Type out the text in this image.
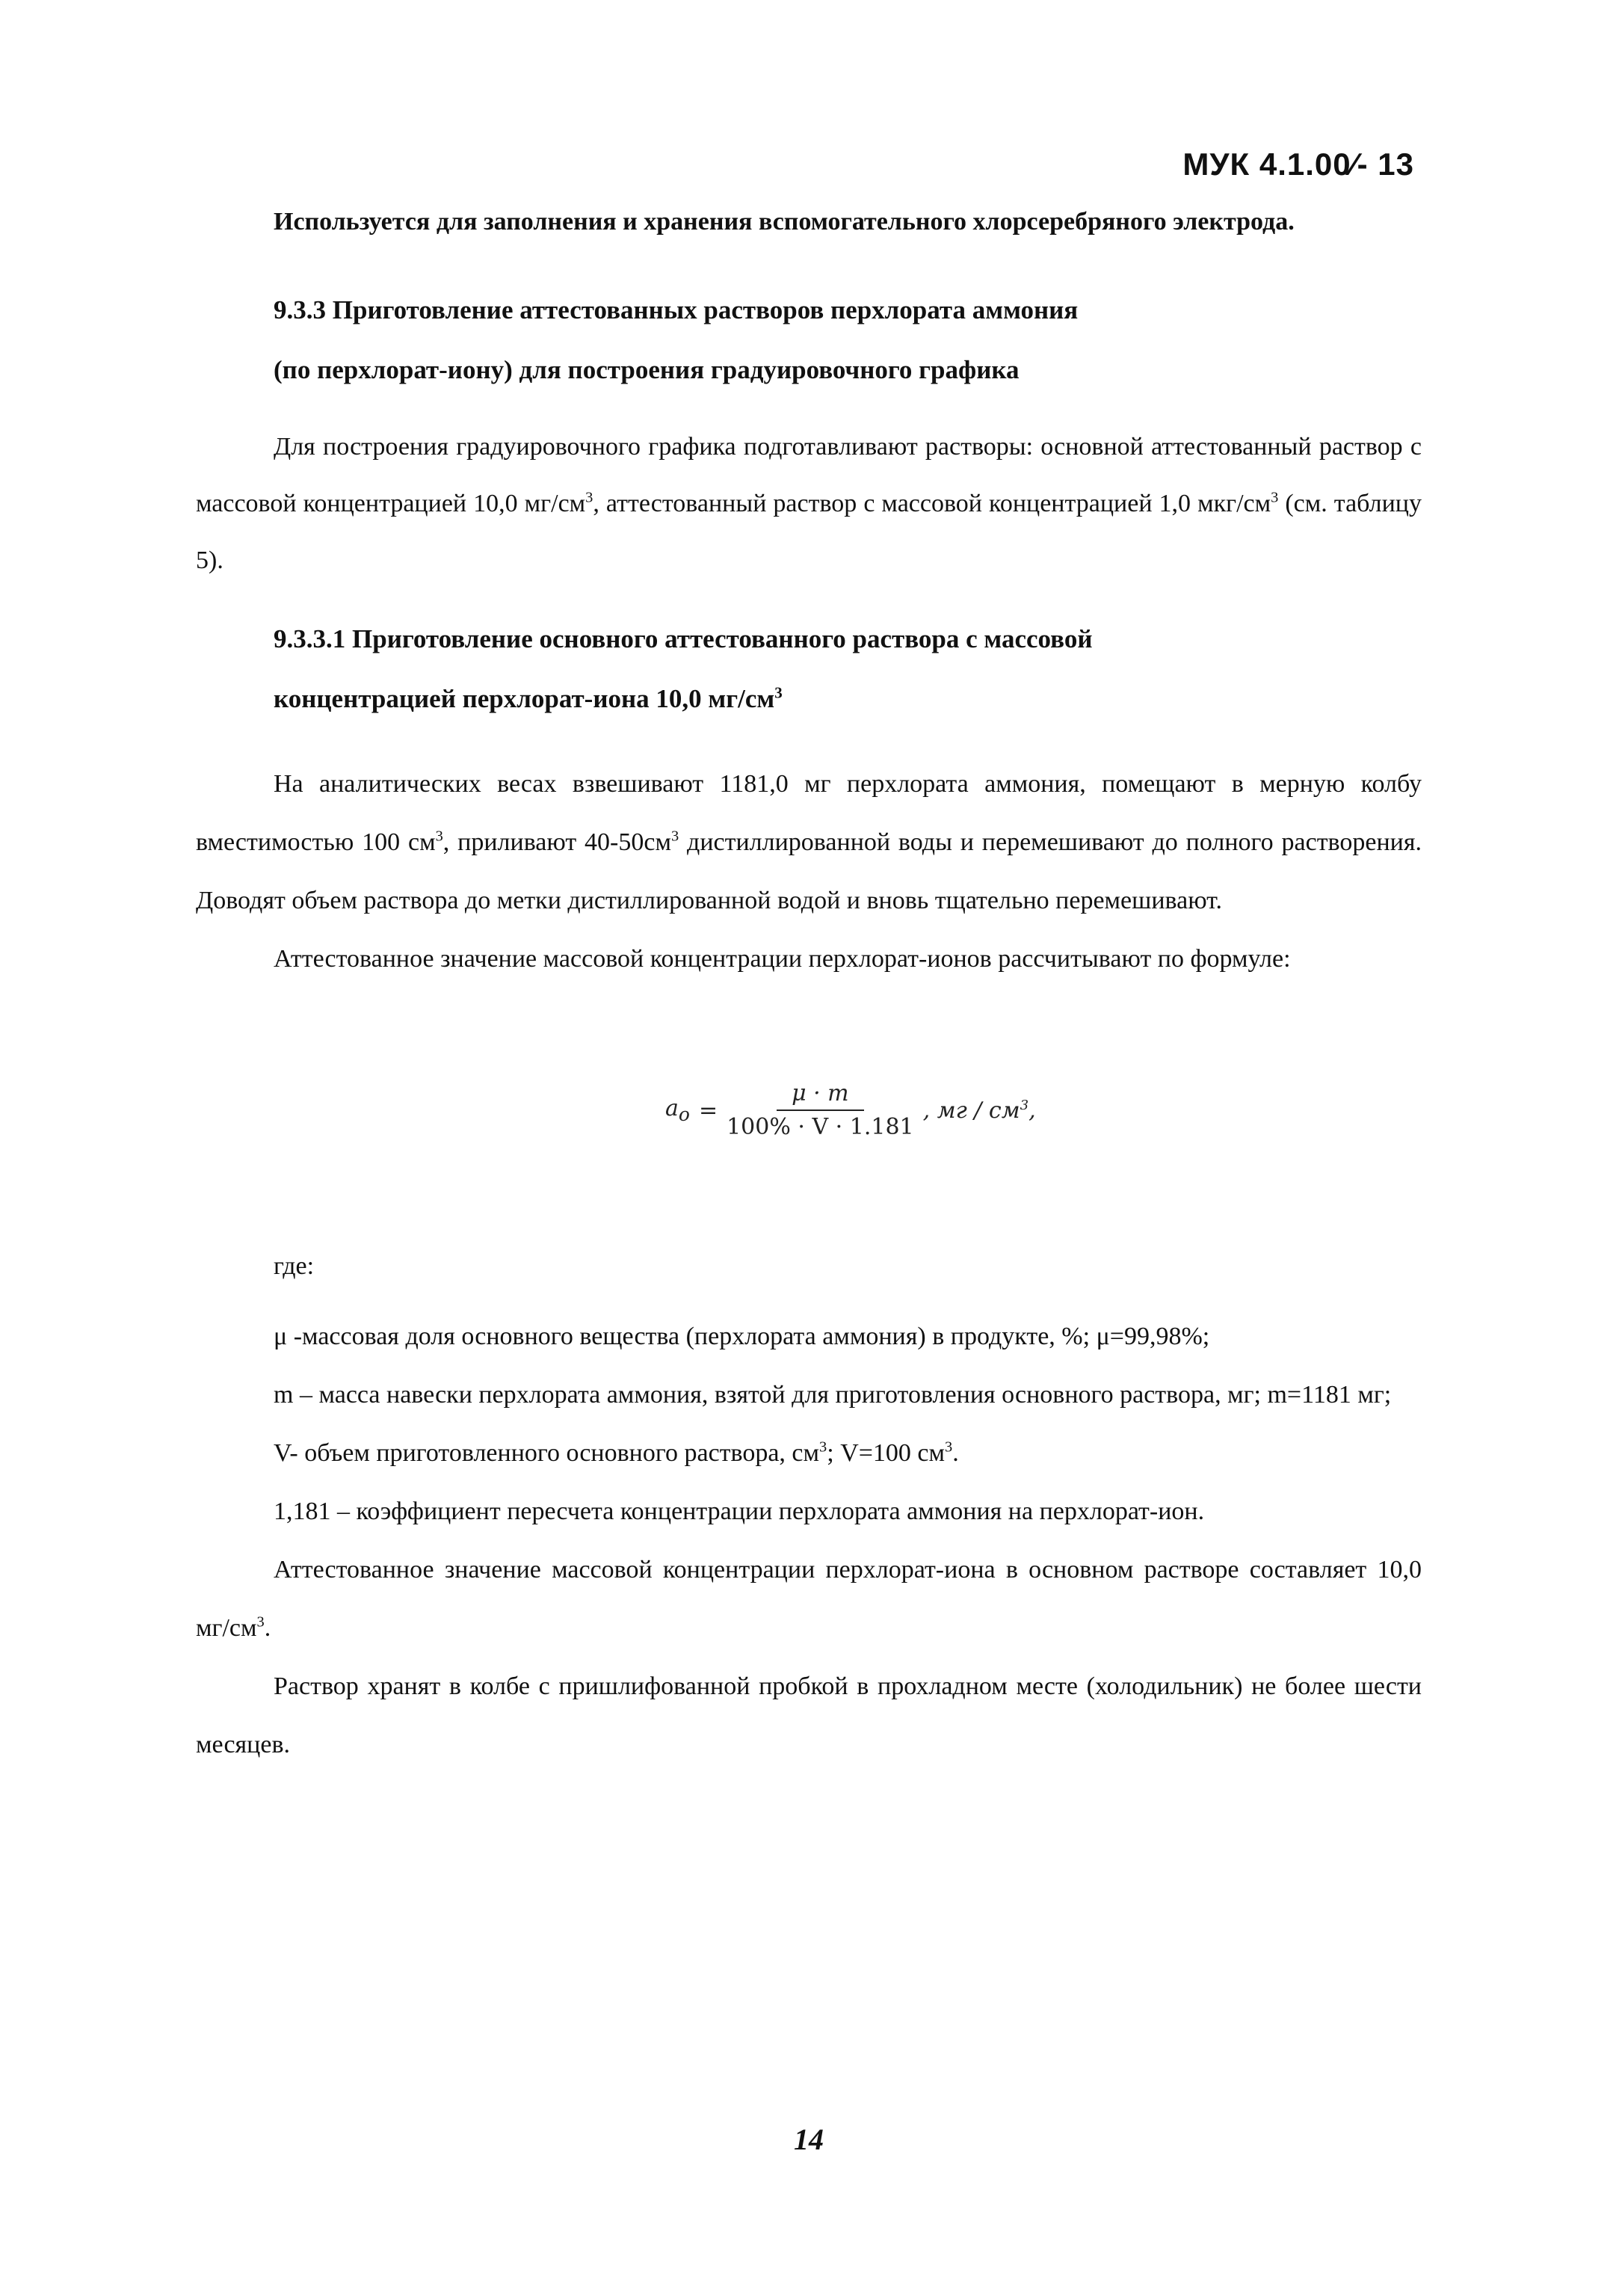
МУК 4.1.00⁄- 13

Используется для заполнения и хранения вспомогательного хлорсеребряного электрода.

9.3.3 Приготовление аттестованных растворов перхлората аммония

(по перхлорат-иону) для построения градуировочного графика

Для построения градуировочного графика подготавливают растворы: основной аттестованный раствор с массовой концентрацией 10,0 $мг/см^3$, аттестованный раствор с массовой концентрацией 1,0 мкг/$см^3$ (см. таблицу 5).

9.3.3.1 Приготовление основного аттестованного раствора с массовой

концентрацией перхлорат-иона 10,0 $мг/см^3$

На аналитических весах взвешивают 1181,0 мг перхлората аммония, помещают в мерную колбу вместимостью 100 $см^3$, приливают $40-50см^3$ дистиллированной воды и перемешивают до полного растворения. Доводят объем раствора до метки дистиллированной водой и вновь тщательно перемешивают.

Аттестованное значение массовой концентрации перхлорат-ионов рассчитывают по формуле:

$a_o = \frac{\mu \cdot m}{100\% \cdot V \cdot 1.181}$ , мг / $см^3$,

где:

μ -массовая доля основного вещества (перхлората аммония) в продукте, %; μ=99,98%;

m – масса навески перхлората аммония, взятой для приготовления основного раствора, мг; m=1181 мг;

V- объем приготовленного основного раствора, $см^3$; V=100 $см^3$.

1,181 – коэффициент пересчета концентрации перхлората аммония на перхлорат-ион.

Аттестованное значение массовой концентрации перхлорат-иона в основном растворе составляет 10,0 $мг/см^3$.

Раствор хранят в колбе с пришлифованной пробкой в прохладном месте (холодильник) не более шести месяцев.

14
